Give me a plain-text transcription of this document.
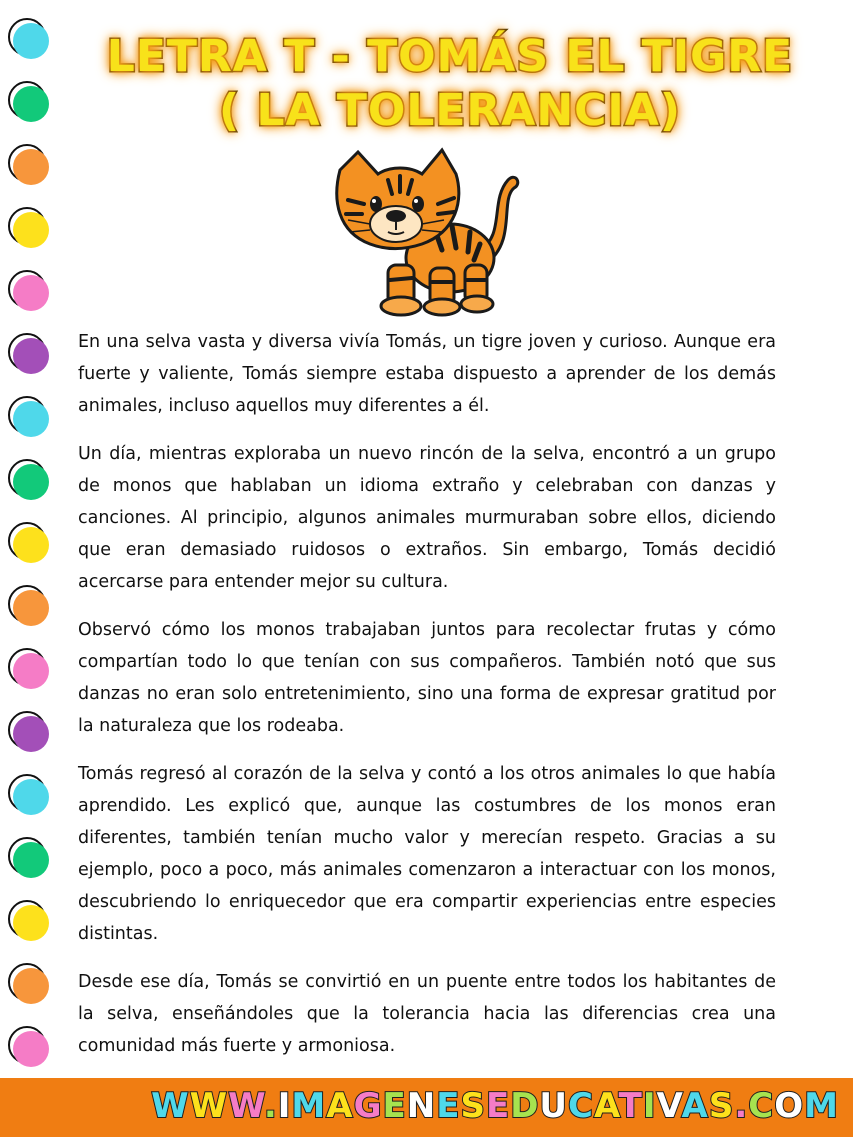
LETRA T - TOMÁS EL TIGRE
( LA TOLERANCIA)

En una selva vasta y diversa vivía Tomás, un tigre joven y curioso. Aunque era fuerte y valiente, Tomás siempre estaba dispuesto a aprender de los demás animales, incluso aquellos muy diferentes a él.

Un día, mientras exploraba un nuevo rincón de la selva, encontró a un grupo de monos que hablaban un idioma extraño y celebraban con danzas y canciones. Al principio, algunos animales murmuraban sobre ellos, diciendo que eran demasiado ruidosos o extraños. Sin embargo, Tomás decidió acercarse para entender mejor su cultura.

Observó cómo los monos trabajaban juntos para recolectar frutas y cómo compartían todo lo que tenían con sus compañeros. También notó que sus danzas no eran solo entretenimiento, sino una forma de expresar gratitud por la naturaleza que los rodeaba.

Tomás regresó al corazón de la selva y contó a los otros animales lo que había aprendido. Les explicó que, aunque las costumbres de los monos eran diferentes, también tenían mucho valor y merecían respeto. Gracias a su ejemplo, poco a poco, más animales comenzaron a interactuar con los monos, descubriendo lo enriquecedor que era compartir experiencias entre especies distintas.

Desde ese día, Tomás se convirtió en un puente entre todos los habitantes de la selva, enseñándoles que la tolerancia hacia las diferencias crea una comunidad más fuerte y armoniosa.

WWW.IMAGENESEDUCATIVAS.COM
